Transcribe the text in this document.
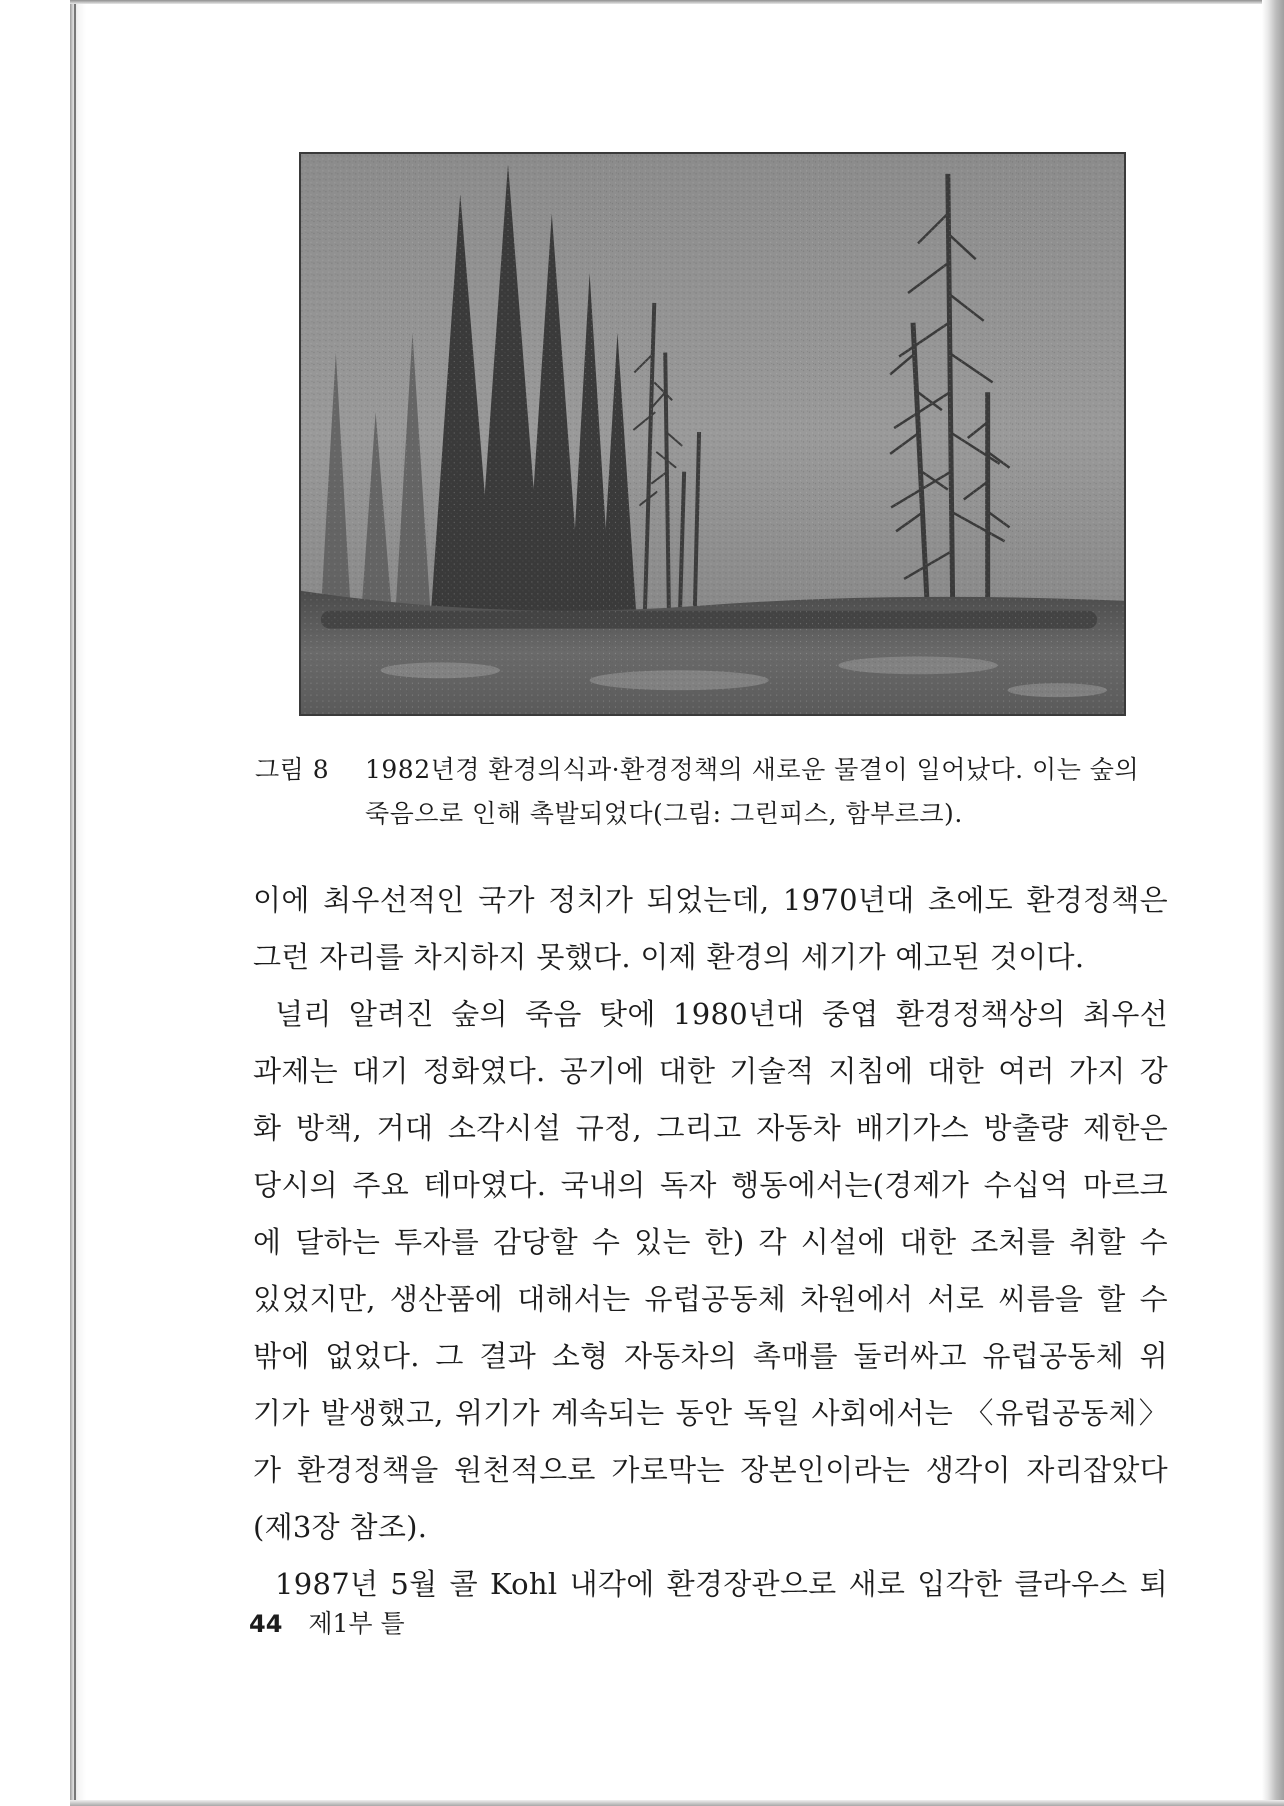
그림 8 1982년경 환경의식과·환경정책의 새로운 물결이 일어났다. 이는 숲의
죽음으로 인해 촉발되었다(그림: 그린피스, 함부르크).
이에 최우선적인 국가 정치가 되었는데, 1970년대 초에도 환경정책은
그런 자리를 차지하지 못했다. 이제 환경의 세기가 예고된 것이다.
널리 알려진 숲의 죽음 탓에 1980년대 중엽 환경정책상의 최우선
과제는 대기 정화였다. 공기에 대한 기술적 지침에 대한 여러 가지 강
화 방책, 거대 소각시설 규정, 그리고 자동차 배기가스 방출량 제한은
당시의 주요 테마였다. 국내의 독자 행동에서는(경제가 수십억 마르크
에 달하는 투자를 감당할 수 있는 한) 각 시설에 대한 조처를 취할 수
있었지만, 생산품에 대해서는 유럽공동체 차원에서 서로 씨름을 할 수
밖에 없었다. 그 결과 소형 자동차의 촉매를 둘러싸고 유럽공동체 위
기가 발생했고, 위기가 계속되는 동안 독일 사회에서는 〈유럽공동체〉
가 환경정책을 원천적으로 가로막는 장본인이라는 생각이 자리잡았다
(제3장 참조).
1987년 5월 콜 Kohl 내각에 환경장관으로 새로 입각한 클라우스 퇴
44 제1부 틀
